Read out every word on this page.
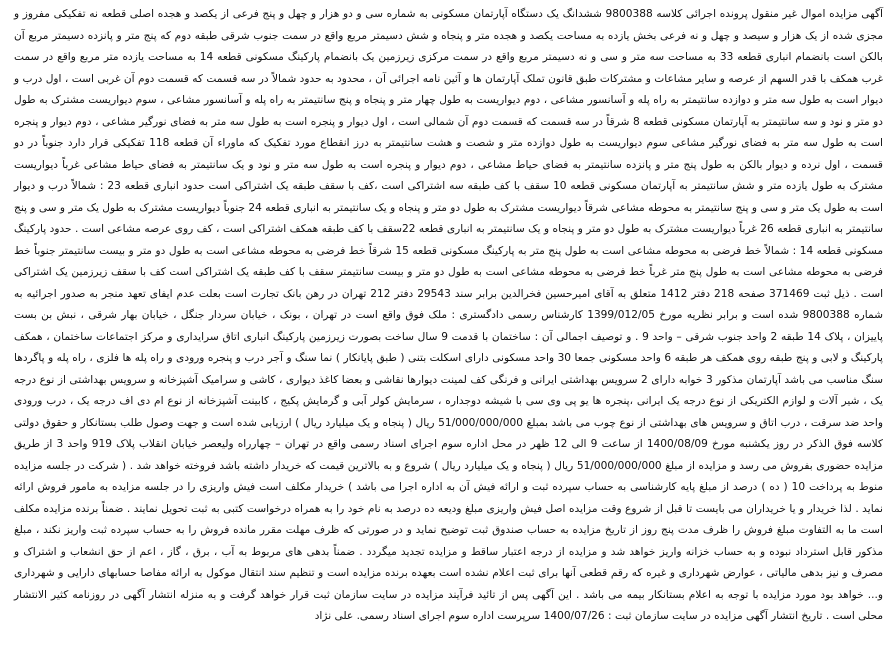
آگهی مزایده اموال غیر منقول پرونده اجرائی کلاسه 9800388 ششدانگ یک دستگاه آپارتمان مسکونی به شماره سی و دو هزار و چهل و پنج فرعی از یکصد و هجده اصلی قطعه نه تفکیکی مفروز و مجزی شده از یک هزار و سیصد و چهل و نه فرعی بخش یازده به مساحت یکصد و هجده متر و پنجاه و شش دسیمتر مربع واقع در سمت جنوب شرقی طبقه دوم که پنج متر و پانزده دسیمتر مربع آن بالکن است بانضمام انباری قطعه 33 به مساحت سه متر و سی و نه دسیمتر مربع واقع در سمت مرکزی زیرزمین یک بانضمام پارکینگ مسکونی قطعه 14 به مساحت یازده متر مربع واقع در سمت غرب همکف با قدر السهم از عرصه و سایر مشاعات و مشترکات طبق قانون تملک آپارتمان ها و آئین نامه اجرائی آن ، محدود به حدود شمالاً در سه قسمت که قسمت دوم آن غربی است ، اول درب و دیوار است به طول سه متر و دوازده سانتیمتر به راه پله و آسانسور مشاعی ، دوم دیواریست به طول چهار متر و پنجاه و پنج سانتیمتر به راه پله و آسانسور مشاعی ، سوم دیواریست مشترک به طول دو متر و نود و سه سانتیمتر به آپارتمان مسکونی قطعه 8 شرقاً در سه قسمت که قسمت دوم آن شمالی است ، اول دیوار و پنجره است به طول سه متر به فضای نورگیر مشاعی ، دوم دیوار و پنجره است به طول سه متر به فضای نورگیر مشاعی سوم دیواریست به طول دوازده متر و شصت و هشت سانتیمتر به درز انقطاع مورد تفکیک که ماوراء آن قطعه 118 تفکیکی قرار دارد جنوباً در دو قسمت ، اول نرده و دیوار بالکن به طول پنج متر و پانزده سانتیمتر به فضای حیاط مشاعی ، دوم دیوار و پنجره است به طول سه متر و نود و یک سانتیمتر به فضای حیاط مشاعی غرباً دیواریست مشترک به طول یازده متر و شش سانتیمتر به آپارتمان مسکونی قطعه 10 سقف با کف طبقه سه اشتراکی است ،کف با سقف طبقه یک اشتراکی است حدود انباری قطعه 23 : شمالاً درب و دیوار است به طول یک متر و سی و پنج سانتیمتر به محوطه مشاعی شرقاً دیواریست مشترک به طول دو متر و پنجاه و یک سانتیمتر به انباری قطعه 24 جنوباً دیواریست مشترک به طول یک متر و سی و پنج سانتیمتر به انباری قطعه 26 غرباً دیواریست مشترک به طول دو متر و پنجاه و یک سانتیمتر به انباری قطعه 22سقف با کف طبقه همکف اشتراکی است ، کف روی عرصه مشاعی است . حدود پارکینگ مسکونی قطعه 14 : شمالاً خط فرضی به محوطه مشاعی است به طول پنج متر به پارکینگ مسکونی قطعه 15 شرقاً خط فرضی به محوطه مشاعی است به طول دو متر و بیست سانتیمتر جنوباً خط فرضی به محوطه مشاعی است به طول پنج متر غرباً خط فرضی به محوطه مشاعی است به طول دو متر و بیست سانتیمتر سقف با کف طبقه یک اشتراکی است کف با سقف زیرزمین یک اشتراکی است . ذیل ثبت 371469 صفحه 218 دفتر 1412 متعلق به آقای امیرحسین فخرالدین برابر سند 29543 دفتر 212 تهران در رهن بانک تجارت است بعلت عدم ایفای تعهد منجر به صدور اجرائیه به شماره 9800388 شده است و برابر نظریه مورخ 1399/012/05 کارشناس رسمی دادگستری : ملک فوق واقع است در تهران ، بونک ، خیابان سردار جنگل ، خیابان بهار شرقی ، نبش بن بست پاییزان ، پلاک 14 طبقه 2 واحد جنوب شرقی – واحد 9 . و توصیف اجمالی آن : ساختمان با قدمت 9 سال ساخت بصورت زیرزمین پارکینگ انباری اتاق سرایداری و مرکز اجتماعات ساختمان ، همکف پارکینگ و لابی و پنج طبقه روی همکف هر طبقه 6 واحد مسکونی جمعا 30 واحد مسکونی دارای اسکلت بتنی ( طبق پایانکار ) نما سنگ و آجر درب و پنجره ورودی و راه پله ها فلزی ، راه پله و پاگردها سنگ مناسب می باشد آپارتمان مذکور 3 خوابه دارای 2 سرویس بهداشتی ایرانی و فرنگی کف لمینت دیوارها نقاشی و بعضا کاغذ دیواری ، کاشی و سرامیک آشپزخانه و سرویس بهداشتی از نوع درجه یک ، شیر آلات و لوازم الکتریکی از نوع درجه یک ایرانی ،پنجره ها یو پی وی سی با شیشه دوجداره ، سرمایش کولر آبی و گرمایش پکیج ، کابینت آشپزخانه از نوع ام دی اف درجه یک ، درب ورودی واحد ضد سرقت ، درب اتاق و سرویس های بهداشتی از نوع چوب می باشد بمبلغ 51/000/000/000 ریال ( پنجاه و یک میلیارد ریال ) ارزیابی شده است و جهت وصول طلب بستانکار و حقوق دولتی کلاسه فوق الذکر در روز یکشنبه مورخ 1400/08/09 از ساعت 9 الی 12 ظهر در محل اداره سوم اجرای اسناد رسمی واقع در تهران – چهارراه ولیعصر خیابان انقلاب پلاک 919 واحد 3 از طریق مزایده حضوری بفروش می رسد و مزایده از مبلغ 51/000/000/000 ریال ( پنجاه و یک میلیارد ریال ) شروع و به بالاترین قیمت که خریدار داشته باشد فروخته خواهد شد . ( شرکت در جلسه مزایده منوط به پرداخت 10 ( ده ) درصد از مبلغ پایه کارشناسی به حساب سپرده ثبت و ارائه فیش آن به اداره اجرا می باشد ) خریدار مکلف است فیش واریزی را در جلسه مزایده به مامور فروش ارائه نماید . لذا خریدار و یا خریداران می بایست تا قبل از شروع وقت مزایده اصل فیش واریزی مبلغ ودیعه ده درصد به نام خود را به همراه درخواست کتبی به ثبت تحویل نمایند . ضمناً برنده مزایده مکلف است ما به التفاوت مبلغ فروش را ظرف مدت پنج روز از تاریخ مزایده به حساب صندوق ثبت توضیح نماید و در صورتی که ظرف مهلت مقرر مانده فروش را به حساب سپرده ثبت واریز نکند ، مبلغ مذکور قابل استرداد نبوده و به حساب خزانه واریز خواهد شد و مزایده از درجه اعتبار ساقط و مزایده تجدید میگردد . ضمناً بدهی های مربوط به آب ، برق ، گاز ، اعم از حق انشعاب و اشتراک و مصرف و نیز بدهی مالیاتی ، عوارض شهرداری و غیره که رقم قطعی آنها برای ثبت اعلام نشده است بعهده برنده مزایده است و تنظیم سند انتقال موکول به ارائه مفاصا حسابهای دارایی و شهرداری و... خواهد بود مورد مزایده با توجه به اعلام بستانکار بیمه می باشد . این آگهی پس از تائید فرآیند مزایده در سایت سازمان ثبت قرار خواهد گرفت و به منزله انتشار آگهی در روزنامه کثیر الانتشار محلی است . تاریخ انتشار آگهی مزایده در سایت سازمان ثبت : 1400/07/26 سرپرست اداره سوم اجرای اسناد رسمی. علی نژاد
